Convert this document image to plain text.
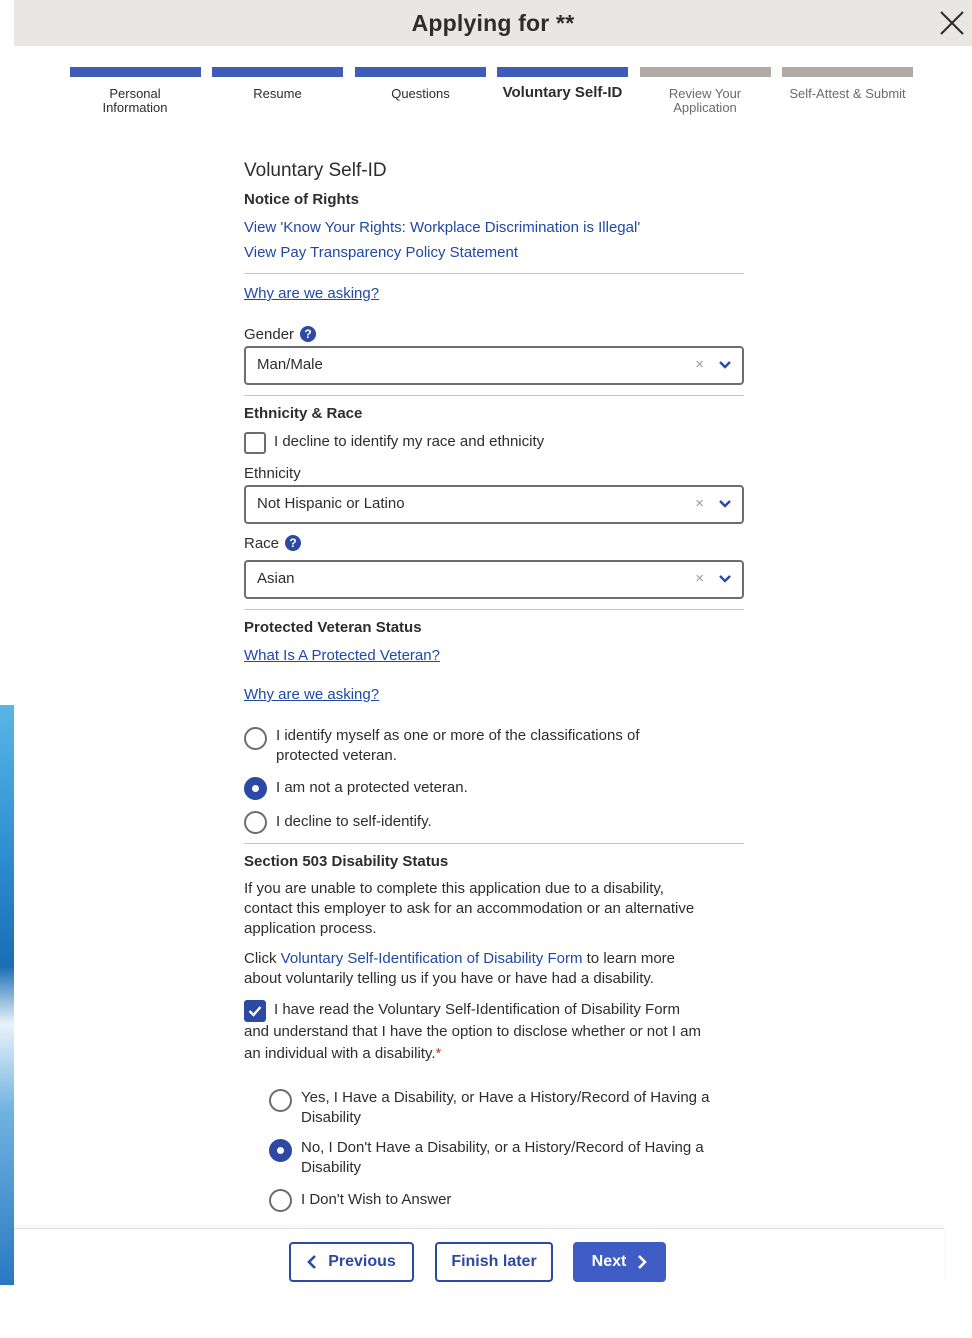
Applying for **
Personal Information
Resume	Questions	Voluntary Self-ID	Review Your Application
Self-Attest & Submit
Voluntary Self-ID
Notice of Rights
View 'Know Your Rights: Workplace Discrimination is Illegal'
View Pay Transparency Policy Statement
Why are we asking?
Gender ?
Man/Male	×
Ethnicity & Race
I decline to identify my race and ethnicity
Ethnicity
Not Hispanic or Latino	×
Race ?
Asian	×
Protected Veteran Status
What Is A Protected Veteran?
Why are we asking?
I identify myself as one or more of the classifications of
protected veteran.
I am not a protected veteran.
I decline to self-identify.
Section 503 Disability Status
If you are unable to complete this application due to a disability,
contact this employer to ask for an accommodation or an alternative
application process.
Click Voluntary Self-Identification of Disability Form to learn more
about voluntarily telling us if you have or have had a disability.
I have read the Voluntary Self-Identification of Disability Form
and understand that I have the option to disclose whether or not I am
an individual with a disability.*
Yes, I Have a Disability, or Have a History/Record of Having a
Disability
No, I Don't Have a Disability, or a History/Record of Having a
Disability
I Don't Wish to Answer
Previous	Finish later	Next
